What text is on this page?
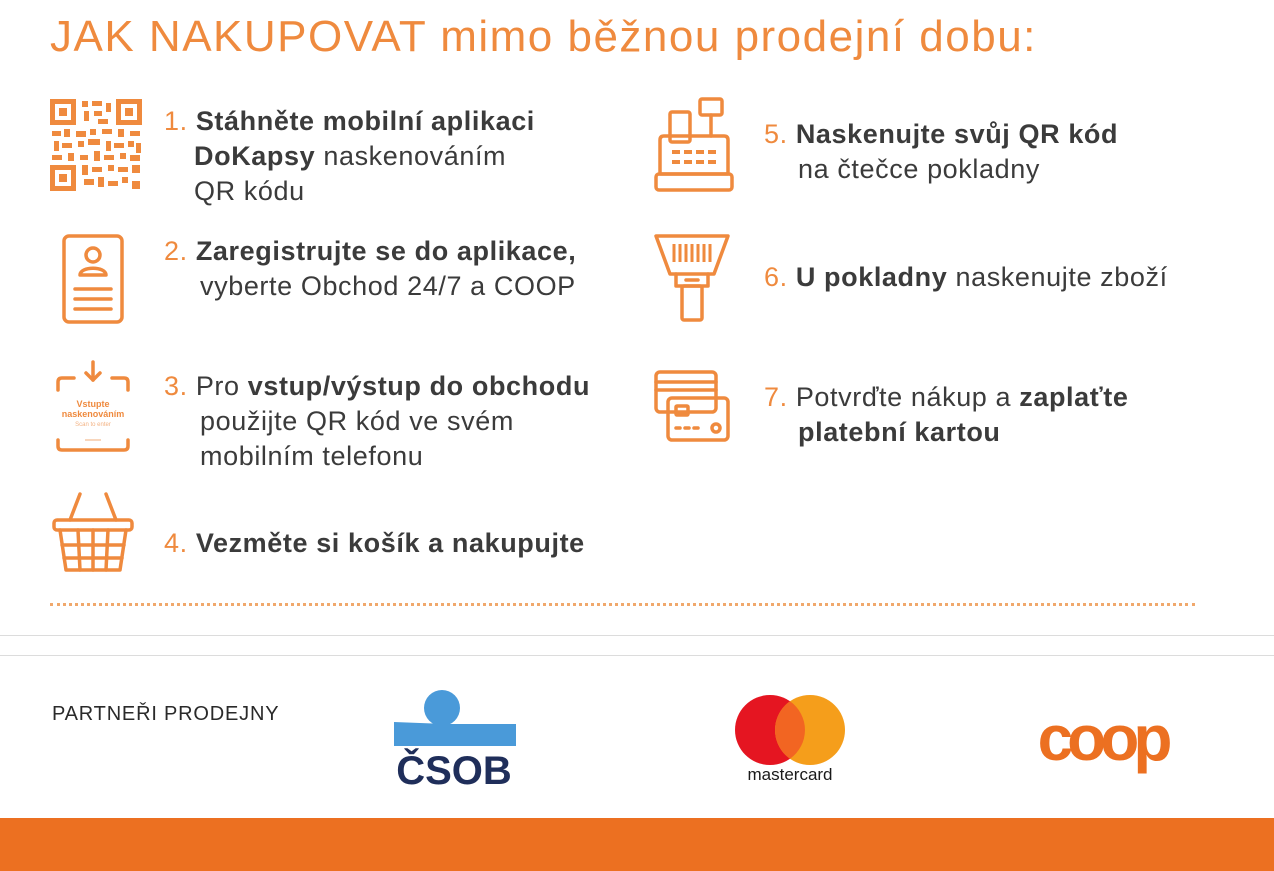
JAK NAKUPOVAT mimo běžnou prodejní dobu:
1. Stáhněte mobilní aplikaci
DoKapsy naskenováním
QR kódu
2. Zaregistrujte se do aplikace,
vyberte Obchod 24/7 a COOP
Vstupte
naskenováním
Scan to enter
3. Pro vstup/výstup do obchodu
použijte QR kód ve svém
mobilním telefonu
4. Vezměte si košík a nakupujte
5. Naskenujte svůj QR kód
na čtečce pokladny
6. U pokladny naskenujte zboží
7. Potvrďte nákup a zaplaťte
platební kartou
PARTNEŘI PRODEJNY
ČSOB	mastercard
coop
